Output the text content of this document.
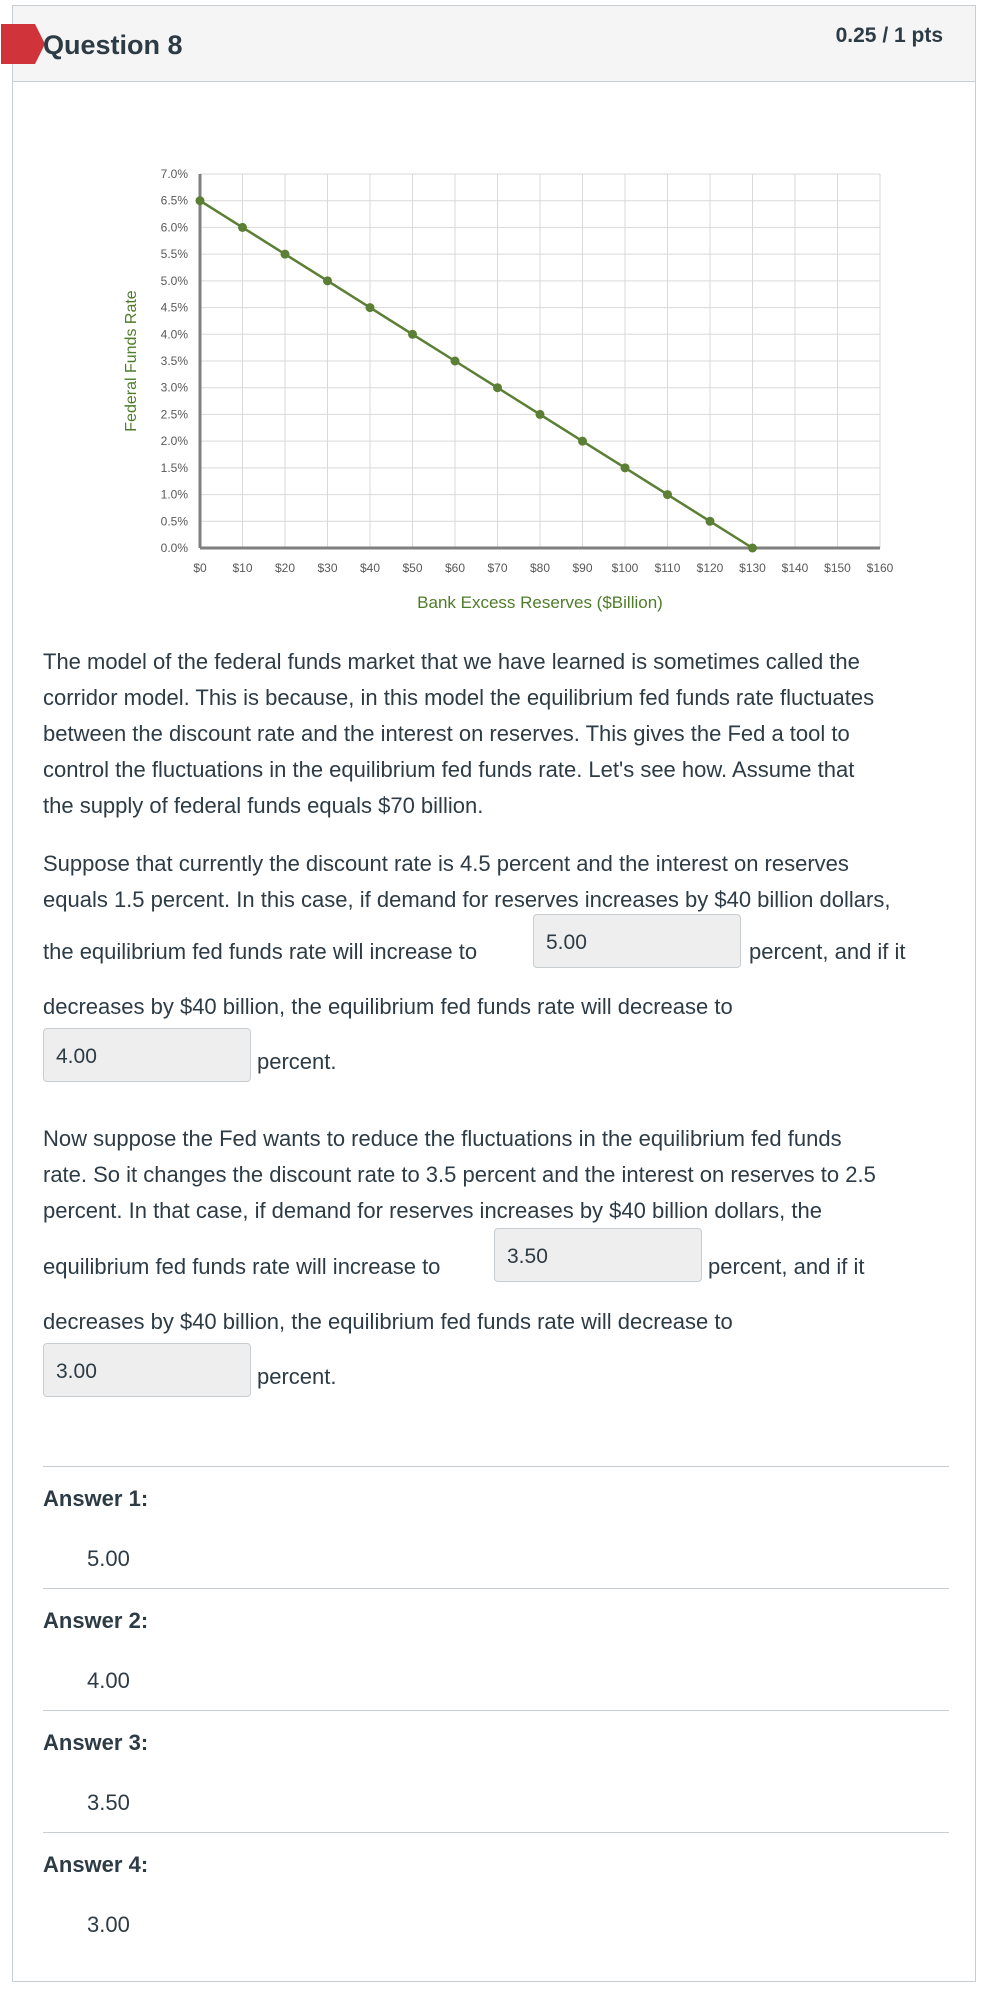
Question 8	0.25 / 1 pts
0.0%
0.5%
1.0%
1.5%
2.0%
2.5%
3.0%
3.5%
4.0%
4.5%
5.0%
5.5%
6.0%
6.5%
7.0%
$0 $10 $20 $30 $40 $50 $60 $70 $80 $90 $100 $110 $120 $130 $140 $150 $160
Federal Funds Rate
Bank Excess Reserves ($Billion)
The model of the federal funds market that we have learned is sometimes called the
corridor model. This is because, in this model the equilibrium fed funds rate fluctuates
between the discount rate and the interest on reserves. This gives the Fed a tool to
control the fluctuations in the equilibrium fed funds rate. Let's see how. Assume that
the supply of federal funds equals $70 billion.
Suppose that currently the discount rate is 4.5 percent and the interest on reserves
equals 1.5 percent. In this case, if demand for reserves increases by $40 billion dollars,
the equilibrium fed funds rate will increase to	5.00	percent, and if it
decreases by $40 billion, the equilibrium fed funds rate will decrease to
4.00	percent.
Now suppose the Fed wants to reduce the fluctuations in the equilibrium fed funds
rate. So it changes the discount rate to 3.5 percent and the interest on reserves to 2.5
percent. In that case, if demand for reserves increases by $40 billion dollars, the
equilibrium fed funds rate will increase to	3.50	percent, and if it
decreases by $40 billion, the equilibrium fed funds rate will decrease to
3.00	percent.
Answer 1:
5.00
Answer 2:
4.00
Answer 3:
3.50
Answer 4:
3.00
